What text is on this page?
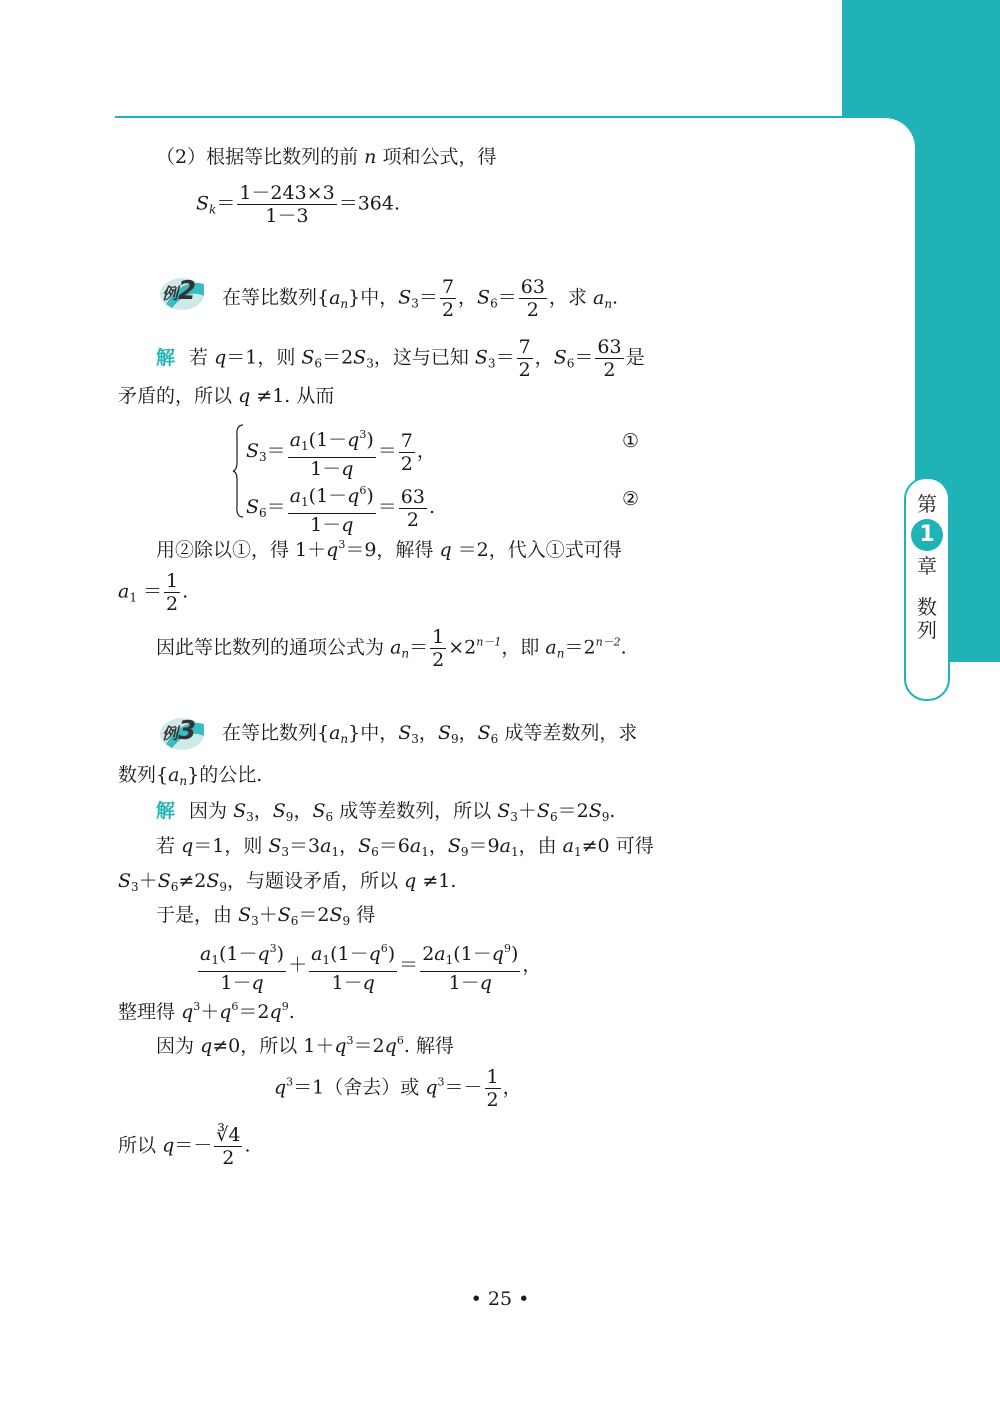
第
1
章
数
列
（2）根据等比数列的前 n 项和公式，得
$S_k= \frac{1-243\times 3}{1-3} =364$.
例2 在等比数列$\{a_n\}$中，$S_3= \frac{7}{2}$ ，$S_6= \frac{63}{2}$ ，求 $a_n$.
解 若 q＝1，则 $S_6=2S_3$，这与已知 $S_3= \frac{7}{2}$ ，$S_6= \frac{63}{2}$ 是
矛盾的，所以 q ≠1. 从而
$S_3= \frac{a_1(1-q^3)}{1-q} = \frac{7}{2}$ ，	①
$S_6= \frac{a_1(1-q^6)}{1-q} = \frac{63}{2}$ .	②
用②除以①，得 $1+q^3=9$，解得 q ＝2，代入①式可得
$a_1 = \frac{1}{2}$ .
因此等比数列的通项公式为 $a_n= \frac{1}{2} \times 2^{n-1}$，即 $a_n=2^{n-2}$.
例3 在等比数列$\{a_n\}$中，$S_3$，$S_9$，$S_6$ 成等差数列，求
数列$\{a_n\}$的公比.
解 因为 $S_3$，$S_9$，$S_6$ 成等差数列，所以 $S_3+S_6=2S_9$.
若 q＝1，则 $S_3=3a_1$，$S_6=6a_1$，$S_9=9a_1$，由 $a_1\ne 0$ 可得
$S_3+S_6\ne 2S_9$，与题设矛盾，所以 q ≠1.
于是，由 $S_3+S_6=2S_9$ 得
$\frac{a_1(1-q^3)}{1-q} + \frac{a_1(1-q^6)}{1-q} = \frac{2a_1(1-q^9)}{1-q}$ ，
整理得 $q^3+q^6=2q^9$.
因为 q≠0，所以 $1+q^3=2q^6$. 解得
$q^3=1$（舍去）或 $q^3=- \frac{1}{2}$ ，
所以 $q=- \frac{∛4}{2}$ .
• 25 •
